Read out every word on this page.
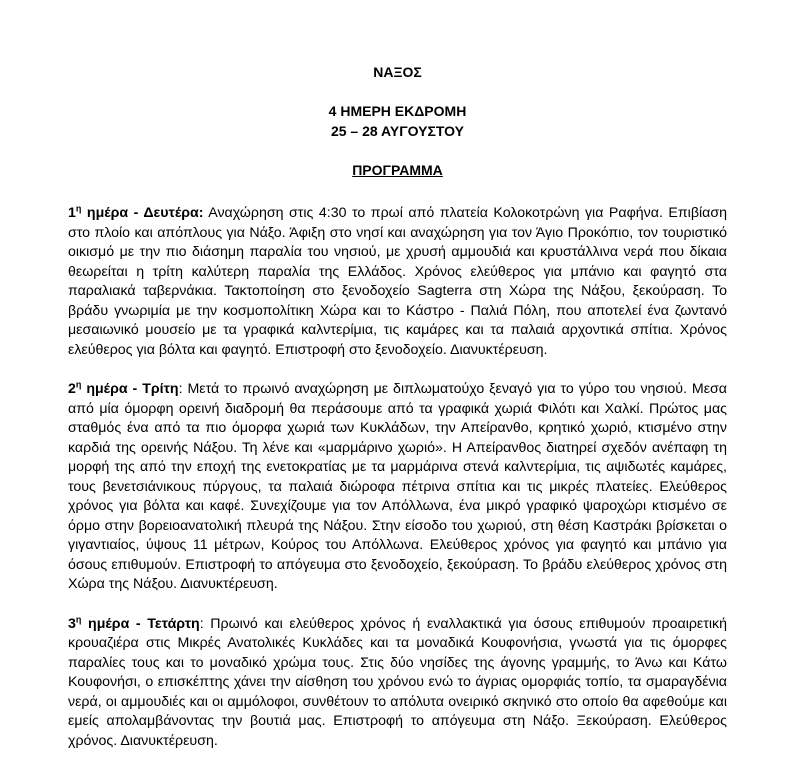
ΝΑΞΟΣ

4 ΗΜΕΡΗ ΕΚΔΡΟΜΗ

25 – 28 ΑΥΓΟΥΣΤΟΥ

ΠΡΟΓΡΑΜΜΑ

$1^\eta$ ημέρα - Δευτέρα: Αναχώρηση στις 4:30 το πρωί από πλατεία Κολοκοτρώνη για Ραφήνα. Επιβίαση στο πλοίο και απόπλους για Νάξο. Άφιξη στο νησί και αναχώρηση για τον Άγιο Προκόπιο, τον τουριστικό οικισμό με την πιο διάσημη παραλία του νησιού, με χρυσή αμμουδιά και κρυστάλλινα νερά που δίκαια θεωρείται η τρίτη καλύτερη παραλία της Ελλάδος. Χρόνος ελεύθερος για μπάνιο και φαγητό στα παραλιακά ταβερνάκια. Τακτοποίηση στο ξενοδοχείο Sagterra στη Χώρα της Νάξου, ξεκούραση. Το βράδυ γνωριμία με την κοσμοπολίτικη Χώρα και το Κάστρο - Παλιά Πόλη, που αποτελεί ένα ζωντανό μεσαιωνικό μουσείο με τα γραφικά καλντερίμια, τις καμάρες και τα παλαιά αρχοντικά σπίτια. Χρόνος ελεύθερος για βόλτα και φαγητό. Επιστροφή στο ξενοδοχείο. Διανυκτέρευση.

$2^\eta$ ημέρα - Τρίτη: Μετά το πρωινό αναχώρηση με διπλωματούχο ξεναγό για το γύρο του νησιού. Μεσα από μία όμορφη ορεινή διαδρομή θα περάσουμε από τα γραφικά χωριά Φιλότι και Χαλκί. Πρώτος μας σταθμός ένα από τα πιο όμορφα χωριά των Κυκλάδων, την Απείρανθο, κρητικό χωριό, κτισμένο στην καρδιά της ορεινής Νάξου. Τη λένε και «μαρμάρινο χωριό». Η Απείρανθος διατηρεί σχεδόν ανέπαφη τη μορφή της από την εποχή της ενετοκρατίας με τα μαρμάρινα στενά καλντερίμια, τις αψιδωτές καμάρες, τους βενετσιάνικους πύργους, τα παλαιά διώροφα πέτρινα σπίτια και τις μικρές πλατείες. Ελεύθερος χρόνος για βόλτα και καφέ. Συνεχίζουμε για τον Απόλλωνα, ένα μικρό γραφικό ψαροχώρι κτισμένο σε όρμο στην βορειοανατολική πλευρά της Νάξου. Στην είσοδο του χωριού, στη θέση Καστράκι βρίσκεται ο γιγαντιαίος, ύψους 11 μέτρων, Κούρος του Απόλλωνα. Ελεύθερος χρόνος για φαγητό και μπάνιο για όσους επιθυμούν. Επιστροφή το απόγευμα στο ξενοδοχείο, ξεκούραση. Το βράδυ ελεύθερος χρόνος στη Χώρα της Νάξου. Διανυκτέρευση.

$3^\eta$ ημέρα - Τετάρτη: Πρωινό και ελεύθερος χρόνος ή εναλλακτικά για όσους επιθυμούν προαιρετική κρουαζιέρα στις Μικρές Ανατολικές Κυκλάδες και τα μοναδικά Κουφονήσια, γνωστά για τις όμορφες παραλίες τους και το μοναδικό χρώμα τους. Στις δύο νησίδες της άγονης γραμμής, το Άνω και Κάτω Κουφονήσι, ο επισκέπτης χάνει την αίσθηση του χρόνου ενώ το άγριας ομορφιάς τοπίο, τα σμαραγδένια νερά, οι αμμουδιές και οι αμμόλοφοι, συνθέτουν το απόλυτα ονειρικό σκηνικό στο οποίο θα αφεθούμε και εμείς απολαμβάνοντας την βουτιά μας. Επιστροφή το απόγευμα στη Νάξο. Ξεκούραση. Ελεύθερος χρόνος. Διανυκτέρευση.
